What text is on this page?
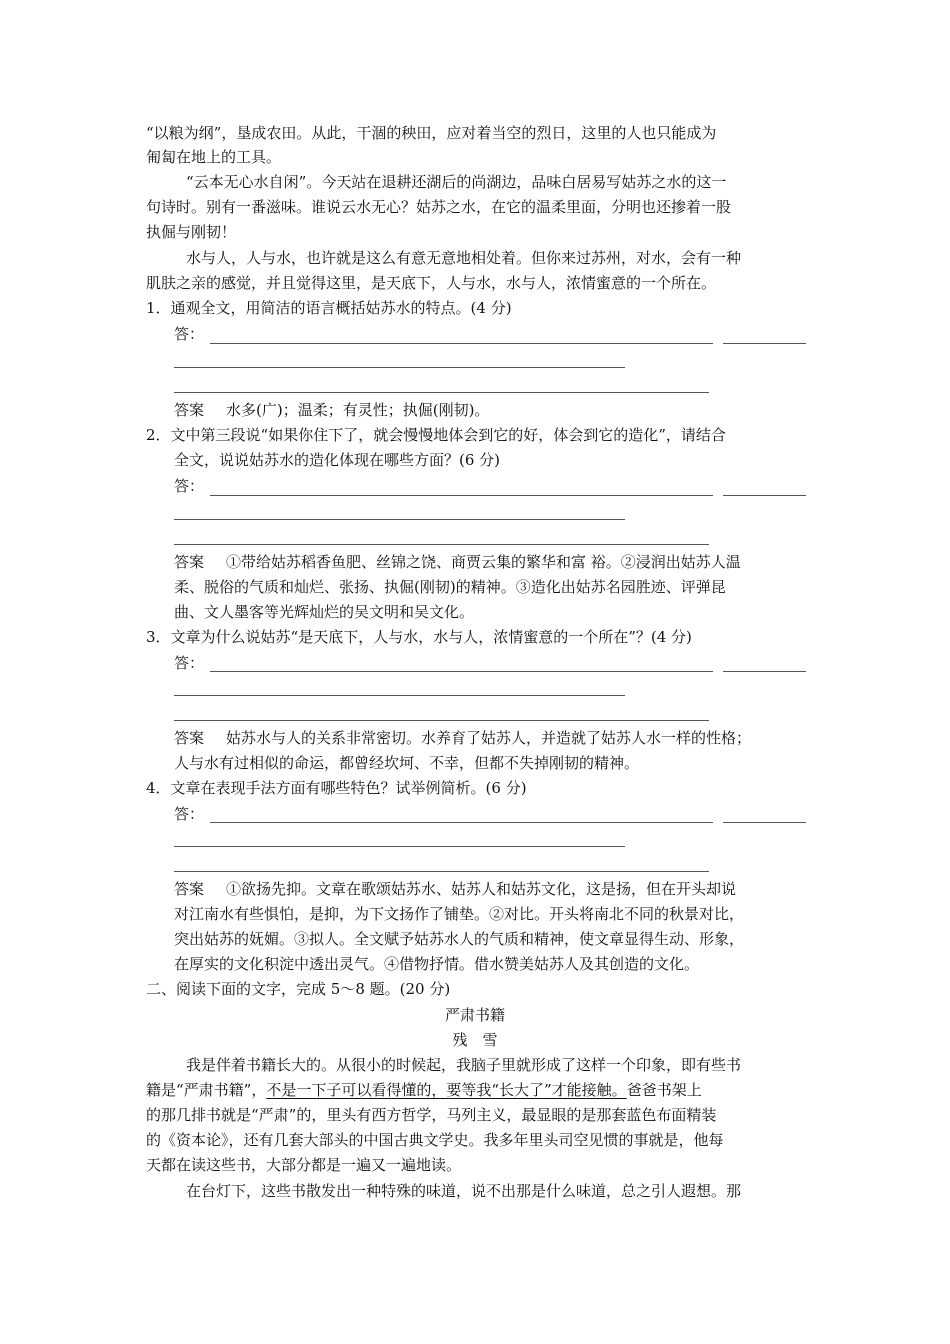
“以粮为纲”，垦成农田。从此，干涸的秧田，应对着当空的烈日，这里的人也只能成为
匍匐在地上的工具。
“云本无心水自闲”。今天站在退耕还湖后的尚湖边，品味白居易写姑苏之水的这一
句诗时。别有一番滋味。谁说云水无心？姑苏之水，在它的温柔里面，分明也还掺着一股
执倔与刚韧！
水与人，人与水，也许就是这么有意无意地相处着。但你来过苏州，对水，会有一种
肌肤之亲的感觉，并且觉得这里，是天底下，人与水，水与人，浓情蜜意的一个所在。
1．通观全文，用简洁的语言概括姑苏水的特点。(4 分)
答：
答案 水多(广)；温柔；有灵性；执倔(刚韧)。
2．文中第三段说“如果你住下了，就会慢慢地体会到它的好，体会到它的造化”，请结合
全文，说说姑苏水的造化体现在哪些方面？(6 分)
答：
答案 ①带给姑苏稻香鱼肥、丝锦之饶、商贾云集的繁华和富 裕。②浸润出姑苏人温
柔、脱俗的气质和灿烂、张扬、执倔(刚韧)的精神。③造化出姑苏名园胜迹、评弹昆
曲、文人墨客等光辉灿烂的吴文明和吴文化。
3．文章为什么说姑苏“是天底下，人与水，水与人，浓情蜜意的一个所在”？(4 分)
答：
答案 姑苏水与人的关系非常密切。水养育了姑苏人，并造就了姑苏人水一样的性格；
人与水有过相似的命运，都曾经坎坷、不幸，但都不失掉刚韧的精神。
4．文章在表现手法方面有哪些特色？试举例简析。(6 分)
答：
答案 ①欲扬先抑。文章在歌颂姑苏水、姑苏人和姑苏文化，这是扬，但在开头却说
对江南水有些惧怕，是抑，为下文扬作了铺垫。②对比。开头将南北不同的秋景对比，
突出姑苏的妩媚。③拟人。全文赋予姑苏水人的气质和精神，使文章显得生动、形象，
在厚实的文化积淀中透出灵气。④借物抒情。借水赞美姑苏人及其创造的文化。
二、阅读下面的文字，完成 5～8 题。(20 分)
严肃书籍
残　雪
我是伴着书籍长大的。从很小的时候起，我脑子里就形成了这样一个印象，即有些书
籍是“严肃书籍”，不是一下子可以看得懂的，要等我“长大了”才能接触。爸爸书架上
的那几排书就是“严肃”的，里头有西方哲学，马列主义，最显眼的是那套蓝色布面精装
的《资本论》，还有几套大部头的中国古典文学史。我多年里头司空见惯的事就是，他每
天都在读这些书，大部分都是一遍又一遍地读。
在台灯下，这些书散发出一种特殊的味道，说不出那是什么味道，总之引人遐想。那
